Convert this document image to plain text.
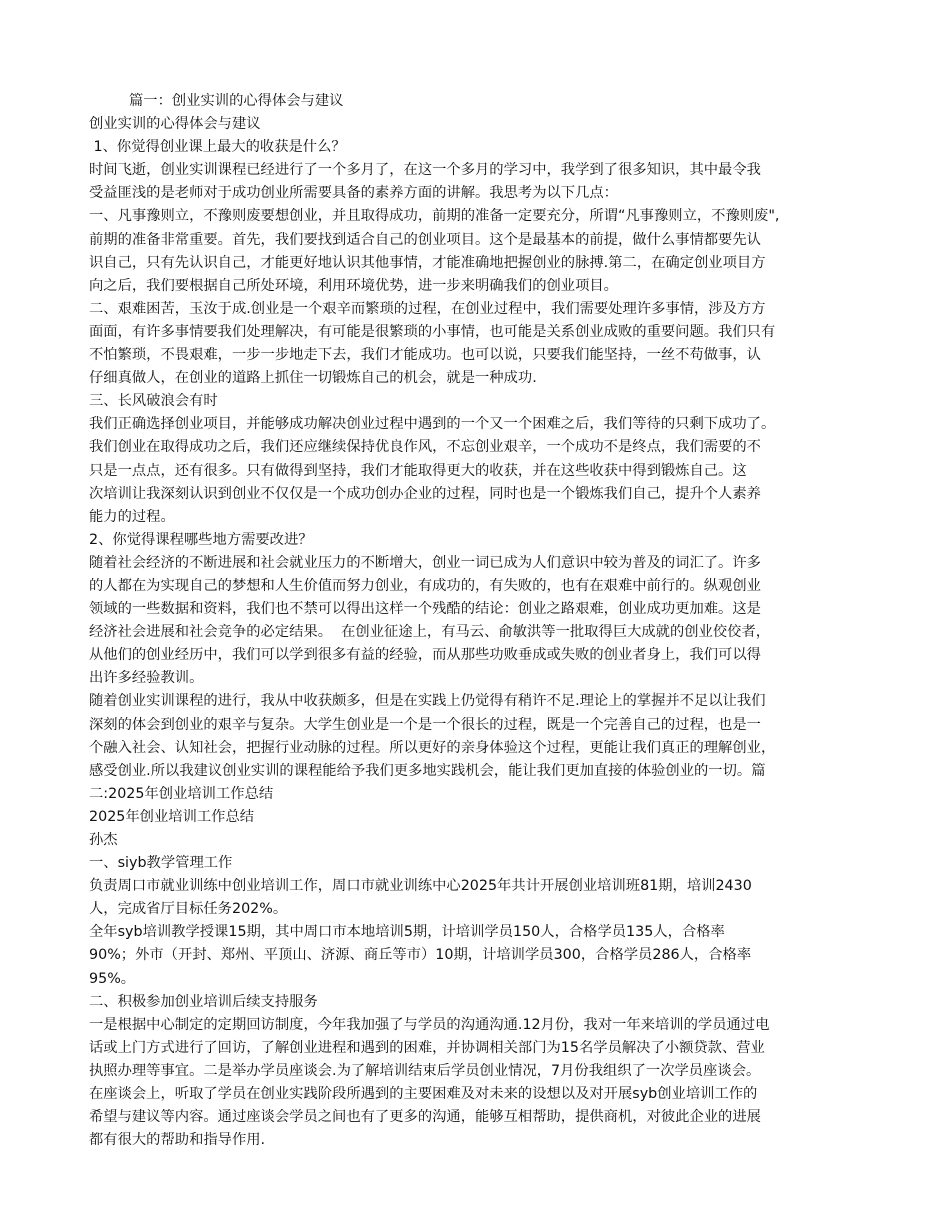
篇一：创业实训的心得体会与建议
创业实训的心得体会与建议
1、你觉得创业课上最大的收获是什么？
时间飞逝，创业实训课程已经进行了一个多月了，在这一个多月的学习中，我学到了很多知识，其中最令我
受益匪浅的是老师对于成功创业所需要具备的素养方面的讲解。我思考为以下几点：
一、凡事豫则立，不豫则废要想创业，并且取得成功，前期的准备一定要充分，所谓“凡事豫则立，不豫则废",
前期的准备非常重要。首先，我们要找到适合自己的创业项目。这个是最基本的前提，做什么事情都要先认
识自己，只有先认识自己，才能更好地认识其他事情，才能准确地把握创业的脉搏.第二，在确定创业项目方
向之后，我们要根据自己所处环境，利用环境优势，进一步来明确我们的创业项目。
二、艰难困苦，玉汝于成.创业是一个艰辛而繁琐的过程，在创业过程中，我们需要处理许多事情，涉及方方
面面，有许多事情要我们处理解决，有可能是很繁琐的小事情，也可能是关系创业成败的重要问题。我们只有
不怕繁琐，不畏艰难，一步一步地走下去，我们才能成功。也可以说，只要我们能坚持，一丝不苟做事，认
仔细真做人，在创业的道路上抓住一切锻炼自己的机会，就是一种成功.
三、长风破浪会有时
我们正确选择创业项目，并能够成功解决创业过程中遇到的一个又一个困难之后，我们等待的只剩下成功了。
我们创业在取得成功之后，我们还应继续保持优良作风，不忘创业艰辛，一个成功不是终点，我们需要的不
只是一点点，还有很多。只有做得到坚持，我们才能取得更大的收获，并在这些收获中得到锻炼自己。这
次培训让我深刻认识到创业不仅仅是一个成功创办企业的过程，同时也是一个锻炼我们自己，提升个人素养
能力的过程。
2、你觉得课程哪些地方需要改进？
随着社会经济的不断进展和社会就业压力的不断增大，创业一词已成为人们意识中较为普及的词汇了。许多
的人都在为实现自己的梦想和人生价值而努力创业，有成功的，有失败的，也有在艰难中前行的。纵观创业
领域的一些数据和资料，我们也不禁可以得出这样一个残酷的结论：创业之路艰难，创业成功更加难。这是
经济社会进展和社会竞争的必定结果。  在创业征途上，有马云、俞敏洪等一批取得巨大成就的创业佼佼者，
从他们的创业经历中，我们可以学到很多有益的经验，而从那些功败垂成或失败的创业者身上，我们可以得
出许多经验教训。
随着创业实训课程的进行，我从中收获颇多，但是在实践上仍觉得有稍许不足.理论上的掌握并不足以让我们
深刻的体会到创业的艰辛与复杂。大学生创业是一个是一个很长的过程，既是一个完善自己的过程，也是一
个融入社会、认知社会，把握行业动脉的过程。所以更好的亲身体验这个过程，更能让我们真正的理解创业，
感受创业.所以我建议创业实训的课程能给予我们更多地实践机会，能让我们更加直接的体验创业的一切。篇
二:2025年创业培训工作总结
2025年创业培训工作总结
孙杰
一、siyb教学管理工作
负责周口市就业训练中创业培训工作，周口市就业训练中心2025年共计开展创业培训班81期，培训2430
人，完成省厅目标任务202%。
全年syb培训教学授课15期，其中周口市本地培训5期，计培训学员150人，合格学员135人，合格率
90%；外市（开封、郑州、平顶山、济源、商丘等市）10期，计培训学员300，合格学员286人，合格率
95%。
二、积极参加创业培训后续支持服务
一是根据中心制定的定期回访制度，今年我加强了与学员的沟通沟通.12月份，我对一年来培训的学员通过电
话或上门方式进行了回访，了解创业进程和遇到的困难，并协调相关部门为15名学员解决了小额贷款、营业
执照办理等事宜。二是举办学员座谈会.为了解培训结束后学员创业情况，7月份我组织了一次学员座谈会。
在座谈会上，听取了学员在创业实践阶段所遇到的主要困难及对未来的设想以及对开展syb创业培训工作的
希望与建议等内容。通过座谈会学员之间也有了更多的沟通，能够互相帮助，提供商机，对彼此企业的进展
都有很大的帮助和指导作用.
